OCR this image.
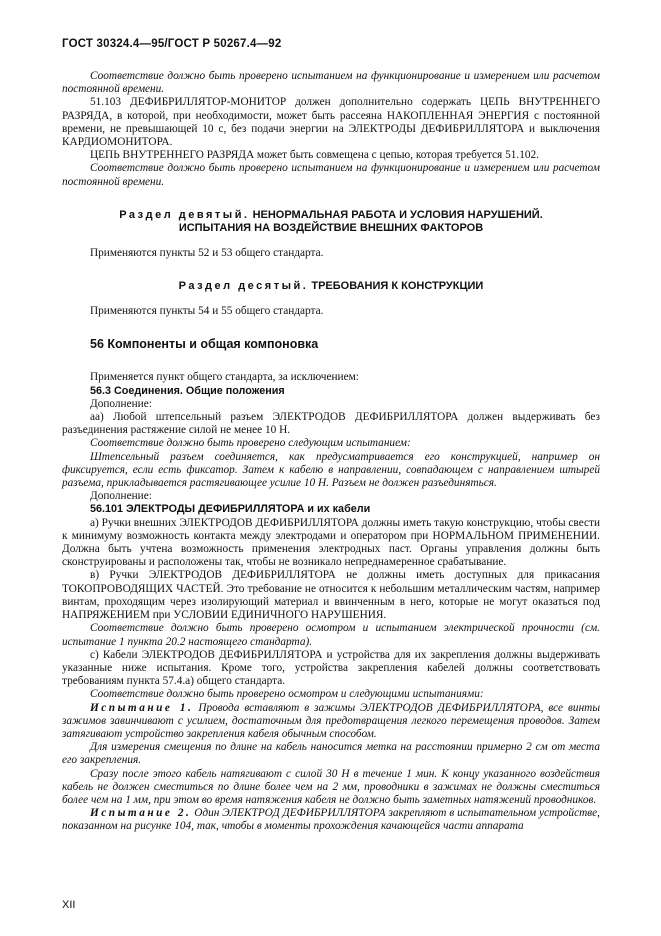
ГОСТ 30324.4—95/ГОСТ Р 50267.4—92

Соответствие должно быть проверено испытанием на функционирование и измерением или расчетом постоянной времени.

51.103 ДЕФИБРИЛЛЯТОР-МОНИТОР должен дополнительно содержать ЦЕПЬ ВНУТРЕННЕГО РАЗРЯДА, в которой, при необходимости, может быть рассеяна НАКОПЛЕННАЯ ЭНЕРГИЯ с постоянной времени, не превышающей 10 с, без подачи энергии на ЭЛЕКТРОДЫ ДЕФИБРИЛЛЯТОРА и выключения КАРДИОМОНИТОРА.

ЦЕПЬ ВНУТРЕННЕГО РАЗРЯДА может быть совмещена с цепью, которая требуется 51.102.

Соответствие должно быть проверено испытанием на функционирование и измерением или расчетом постоянной времени.

Раздел девятый. НЕНОРМАЛЬНАЯ РАБОТА И УСЛОВИЯ НАРУШЕНИЙ.
ИСПЫТАНИЯ НА ВОЗДЕЙСТВИЕ ВНЕШНИХ ФАКТОРОВ

Применяются пункты 52 и 53 общего стандарта.

Раздел десятый. ТРЕБОВАНИЯ К КОНСТРУКЦИИ

Применяются пункты 54 и 55 общего стандарта.

56 Компоненты и общая компоновка

Применяется пункт общего стандарта, за исключением:

56.3 Соединения. Общие положения

Дополнение:

аа) Любой штепсельный разъем ЭЛЕКТРОДОВ ДЕФИБРИЛЛЯТОРА должен выдерживать без разъединения растяжение силой не менее 10 Н.

Соответствие должно быть проверено следующим испытанием:

Штепсельный разъем соединяется, как предусматривается его конструкцией, например он фиксируется, если есть фиксатор. Затем к кабелю в направлении, совпадающем с направлением штырей разъема, прикладывается растягивающее усилие 10 Н. Разъем не должен разъединяться.

Дополнение:

56.101 ЭЛЕКТРОДЫ ДЕФИБРИЛЛЯТОРА и их кабели

а) Ручки внешних ЭЛЕКТРОДОВ ДЕФИБРИЛЛЯТОРА должны иметь такую конструкцию, чтобы свести к минимуму возможность контакта между электродами и оператором при НОРМАЛЬНОМ ПРИМЕНЕНИИ. Должна быть учтена возможность применения электродных паст. Органы управления должны быть сконструированы и расположены так, чтобы не возникало непреднамеренное срабатывание.

в) Ручки ЭЛЕКТРОДОВ ДЕФИБРИЛЛЯТОРА не должны иметь доступных для прикасания ТОКОПРОВОДЯЩИХ ЧАСТЕЙ. Это требование не относится к небольшим металлическим частям, например винтам, проходящим через изолирующий материал и ввинченным в него, которые не могут оказаться под НАПРЯЖЕНИЕМ при УСЛОВИИ ЕДИНИЧНОГО НАРУШЕНИЯ.

Соответствие должно быть проверено осмотром и испытанием электрической прочности (см. испытание 1 пункта 20.2 настоящего стандарта).

с) Кабели ЭЛЕКТРОДОВ ДЕФИБРИЛЛЯТОРА и устройства для их закрепления должны выдерживать указанные ниже испытания. Кроме того, устройства закрепления кабелей должны соответствовать требованиям пункта 57.4.а) общего стандарта.

Соответствие должно быть проверено осмотром и следующими испытаниями:

Испытание 1. Провода вставляют в зажимы ЭЛЕКТРОДОВ ДЕФИБРИЛЛЯТОРА, все винты зажимов завинчивают с усилием, достаточным для предотвращения легкого перемещения проводов. Затем затягивают устройство закрепления кабеля обычным способом.

Для измерения смещения по длине на кабель наносится метка на расстоянии примерно 2 см от места его закрепления.

Сразу после этого кабель натягивают с силой 30 Н в течение 1 мин. К концу указанного воздействия кабель не должен сместиться по длине более чем на 2 мм, проводники в зажимах не должны сместиться более чем на 1 мм, при этом во время натяжения кабеля не должно быть заметных натяжений проводников.

Испытание 2. Один ЭЛЕКТРОД ДЕФИБРИЛЛЯТОРА закрепляют в испытательном устройстве, показанном на рисунке 104, так, чтобы в моменты прохождения качающейся части аппарата

XII
